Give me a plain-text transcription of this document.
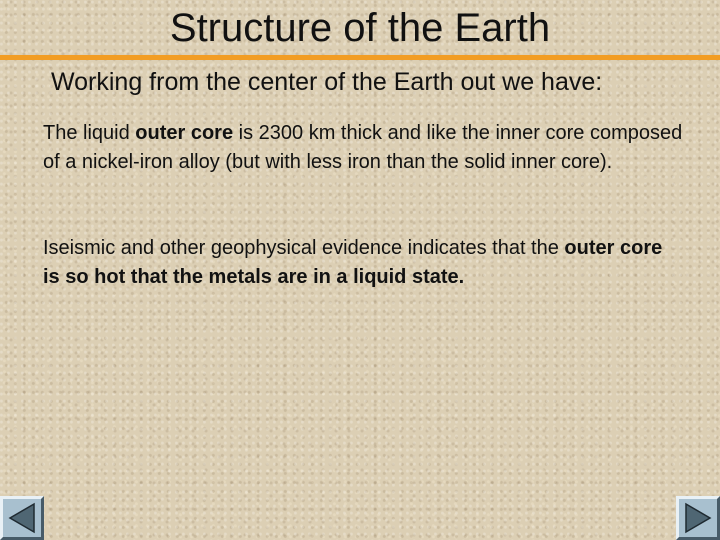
Structure of the Earth

Working from the center of the Earth out we have:

The liquid outer core is 2300 km thick and like the inner core composed of a nickel-iron alloy (but with less iron than the solid inner core).

Iseismic and other geophysical evidence indicates that the outer core is so hot that the metals are in a liquid state.
